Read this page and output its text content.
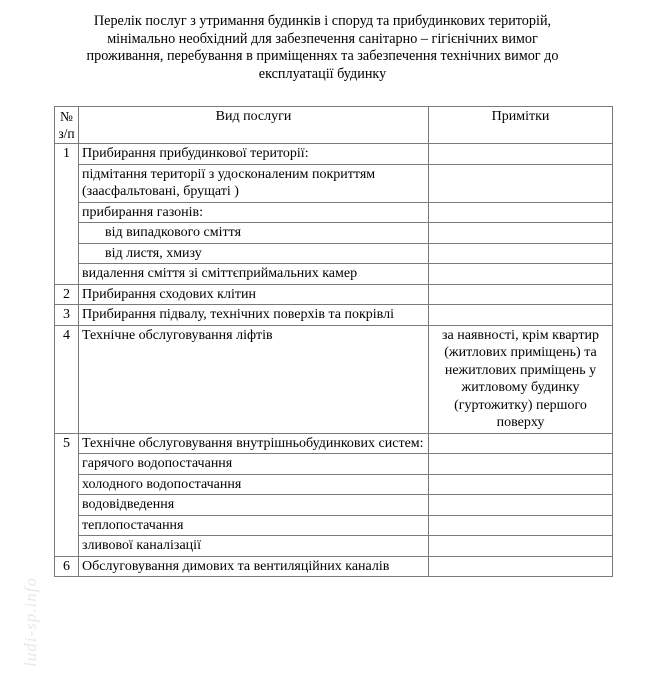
Перелік послуг з утримання будинків і споруд та прибудинкових територій,
мінімально необхідний для забезпечення санітарно – гігієнічних вимог
проживання, перебування в приміщеннях та забезпечення технічних вимог до
експлуатації будинку
№
з/п	Вид послуги	Примітки
1	Прибирання прибудинкової території:	
	підмітання території з удосконаленим покриттям (заасфальтовані, брущаті )	
	прибирання газонів:	
	від випадкового сміття	
	від листя, хмизу	
	видалення сміття зі сміттєприймальних камер	
2	Прибирання сходових клітин	
3	Прибирання підвалу, технічних поверхів та покрівлі	
4	Технічне обслуговування ліфтів	за наявності, крім квартир (житлових приміщень) та нежитлових приміщень у житловому будинку (гуртожитку) першого поверху
5	Технічне обслуговування внутрішньобудинкових систем:	
	гарячого водопостачання	
	холодного водопостачання	
	водовідведення	
	теплопостачання	
	зливової каналізації	
6	Обслуговування димових та вентиляційних каналів	
ludi-sp.info
